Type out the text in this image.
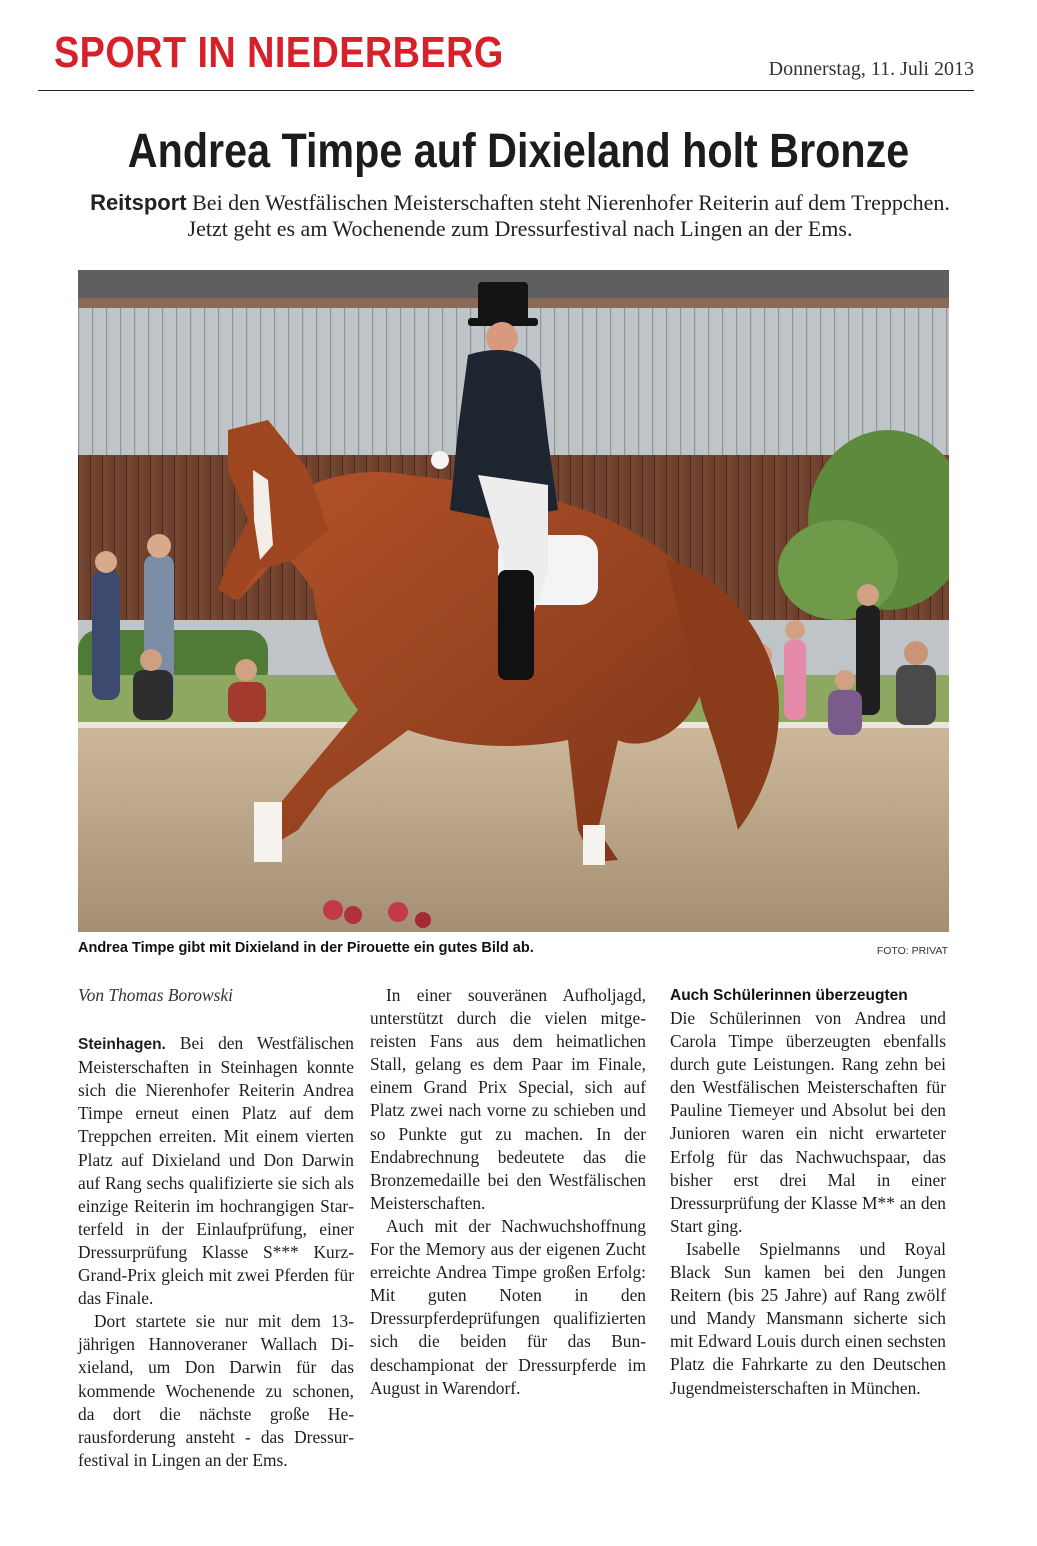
SPORT IN NIEDERBERG	Donnerstag, 11. Juli 2013
Andrea Timpe auf Dixieland holt Bronze
Reitsport Bei den Westfälischen Meisterschaften steht Nierenhofer Reiterin auf dem Treppchen.
Jetzt geht es am Wochenende zum Dressurfestival nach Lingen an der Ems.
Andrea Timpe gibt mit Dixieland in der Pirouette ein gutes Bild ab.	FOTO: PRIVAT

Von Thomas Borowski

Steinhagen. Bei den Westfälischen Meisterschaften in Steinhagen konnte sich die Nierenhofer Reiterin Andrea Timpe erneut einen Platz auf dem Treppchen erreiten. Mit einem vierten Platz auf Dixieland und Don Darwin auf Rang sechs qualifizierte sie sich als einzige Reiterin im hochrangigen Starterfeld in der Einlaufprüfung, einer Dressurprüfung Klasse S*** Kurz-Grand-Prix gleich mit zwei Pferden für das Finale.

Dort startete sie nur mit dem 13-jährigen Hannoveraner Wallach Dixieland, um Don Darwin für das kommende Wochenende zu schonen, da dort die nächste große Herausforderung ansteht - das Dressurfestival in Lingen an der Ems.

In einer souveränen Aufholjagd, unterstützt durch die vielen mitgereisten Fans aus dem heimatlichen Stall, gelang es dem Paar im Finale, einem Grand Prix Special, sich auf Platz zwei nach vorne zu schieben und so Punkte gut zu machen. In der Endabrechnung bedeutete das die Bronzemedaille bei den Westfälischen Meisterschaften.

Auch mit der Nachwuchshoffnung For the Memory aus der eigenen Zucht erreichte Andrea Timpe großen Erfolg: Mit guten Noten in den Dressurpferdeprüfungen qualifizierten sich die beiden für das Bundeschampionat der Dressurpferde im August in Warendorf.

Auch Schülerinnen überzeugten

Die Schülerinnen von Andrea und Carola Timpe überzeugten ebenfalls durch gute Leistungen. Rang zehn bei den Westfälischen Meisterschaften für Pauline Tiemeyer und Absolut bei den Junioren waren ein nicht erwarteter Erfolg für das Nachwuchspaar, das bisher erst drei Mal in einer Dressurprüfung der Klasse M** an den Start ging.

Isabelle Spielmanns und Royal Black Sun kamen bei den Jungen Reitern (bis 25 Jahre) auf Rang zwölf und Mandy Mansmann sicherte sich mit Edward Louis durch einen sechsten Platz die Fahrkarte zu den Deutschen Jugendmeisterschaften in München.
